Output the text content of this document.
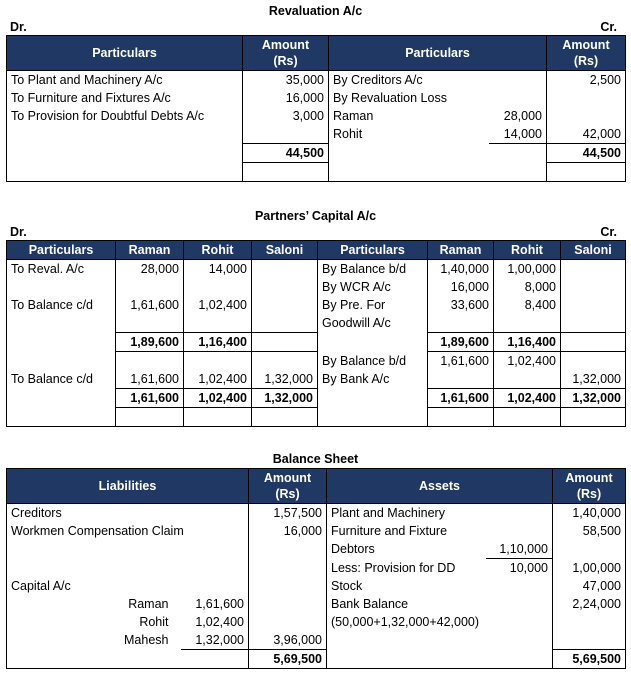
Revaluation A/c
Dr.	Cr.
Particulars	Amount
(Rs)	Particulars		Amount
(Rs)
To Plant and Machinery A/c	35,000	By Creditors A/c		2,500
To Furniture and Fixtures A/c	16,000	By Revaluation Loss		
To Provision for Doubtful Debts A/c	3,000	Raman	28,000	
		Rohit	14,000	42,000
	44,500			44,500

Partners’ Capital A/c
Dr.	Cr.
Particulars	Raman	Rohit	Saloni	Particulars	Raman	Rohit	Saloni
To Reval. A/c	28,000	14,000		By Balance b/d	1,40,000	1,00,000	
				By WCR A/c	16,000	8,000	
To Balance c/d	1,61,600	1,02,400		By Pre. For	33,600	8,400	
				Goodwill A/c			
	1,89,600	1,16,400			1,89,600	1,16,400	
				By Balance b/d	1,61,600	1,02,400	
To Balance c/d	1,61,600	1,02,400	1,32,000	By Bank A/c			1,32,000
	1,61,600	1,02,400	1,32,000		1,61,600	1,02,400	1,32,000

Balance Sheet
Liabilities		Amount
(Rs)	Assets		Amount
(Rs)
Creditors		1,57,500	Plant and Machinery		1,40,000
Workmen Compensation Claim		16,000	Furniture and Fixture		58,500
			Debtors	1,10,000	
			Less: Provision for DD	10,000	1,00,000
Capital A/c			Stock		47,000
Raman	1,61,600		Bank Balance		2,24,000
Rohit	1,02,400		(50,000+1,32,000+42,000)		
Mahesh	1,32,000	3,96,000			
		5,69,500			5,69,500
